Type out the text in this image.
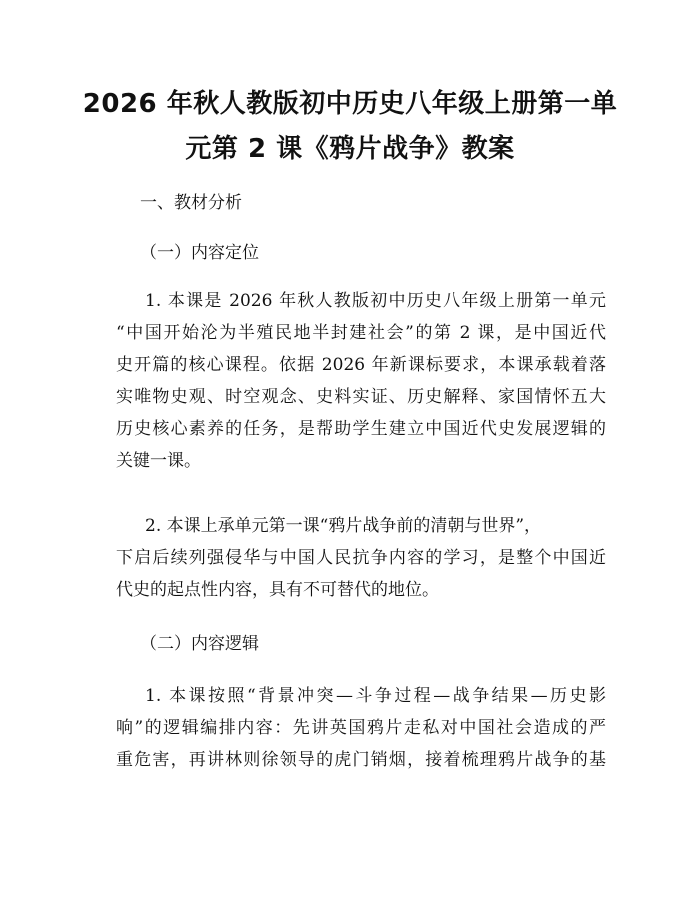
2026 年秋人教版初中历史八年级上册第一单
元第 2 课《鸦片战争》教案
一、教材分析
（一）内容定位
1. 本课是 2026 年秋人教版初中历史八年级上册第一单元
“中国开始沦为半殖民地半封建社会”的第 2 课，是中国近代
史开篇的核心课程。依据 2026 年新课标要求，本课承载着落
实唯物史观、时空观念、史料实证、历史解释、家国情怀五大
历史核心素养的任务，是帮助学生建立中国近代史发展逻辑的
关键一课。
2. 本课上承单元第一课“鸦片战争前的清朝与世界”，
下启后续列强侵华与中国人民抗争内容的学习，是整个中国近
代史的起点性内容，具有不可替代的地位。
（二）内容逻辑
1. 本课按照“背景冲突—斗争过程—战争结果—历史影
响”的逻辑编排内容：先讲英国鸦片走私对中国社会造成的严
重危害，再讲林则徐领导的虎门销烟，接着梳理鸦片战争的基
